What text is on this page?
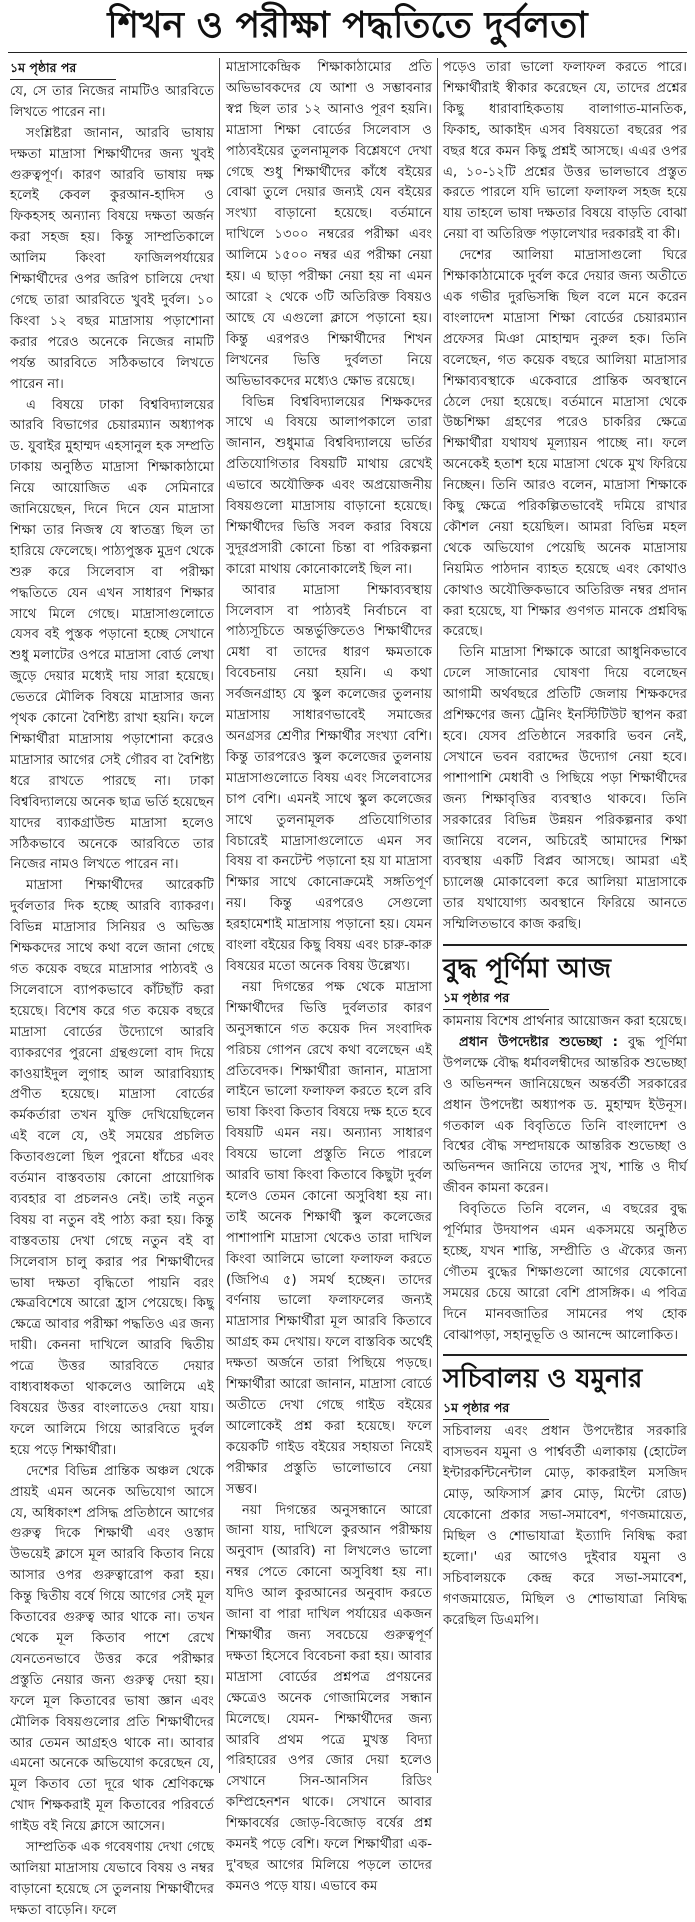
শিখন ও পরীক্ষা পদ্ধতিতে দুর্বলতা
১ম পৃষ্ঠার পর

যে, সে তার নিজের নামটিও আরবিতে লিখতে পারেন না।

সংশ্লিষ্টরা জানান, আরবি ভাষায় দক্ষতা মাদ্রাসা শিক্ষার্থীদের জন্য খুবই গুরুত্বপূর্ণ। কারণ আরবি ভাষায় দক্ষ হলেই কেবল কুরআন-হাদিস ও ফিকহসহ অন্যান্য বিষয়ে দক্ষতা অর্জন করা সহজ হয়। কিন্তু সাম্প্রতিকালে আলিম কিংবা ফাজিলপর্যায়ের শিক্ষার্থীদের ওপর জরিপ চালিয়ে দেখা গেছে তারা আরবিতে খুবই দুর্বল। ১০ কিংবা ১২ বছর মাদ্রাসায় পড়াশোনা করার পরেও অনেকে নিজের নামটি পর্যন্ত আরবিতে সঠিকভাবে লিখতে পারেন না।

এ বিষয়ে ঢাকা বিশ্ববিদ্যালয়ের আরবি বিভাগের চেয়ারম্যান অধ্যাপক ড. যুবাইর মুহাম্মদ এহসানুল হক সম্প্রতি ঢাকায় অনুষ্ঠিত মাদ্রাসা শিক্ষাকাঠামো নিয়ে আয়োজিত এক সেমিনারে জানিয়েছেন, দিনে দিনে যেন মাদ্রাসা শিক্ষা তার নিজস্ব যে স্বাতন্ত্র্য ছিল তা হারিয়ে ফেলেছে। পাঠ্যপুস্তক মুদ্রণ থেকে শুরু করে সিলেবাস বা পরীক্ষা পদ্ধতিতে যেন এখন সাধারণ শিক্ষার সাথে মিলে গেছে। মাদ্রাসাগুলোতে যেসব বই পুস্তক পড়ানো হচ্ছে সেখানে শুধু মলাটের ওপরে মাদ্রাসা বোর্ড লেখা জুড়ে দেয়ার মধ্যেই দায় সারা হয়েছে। ভেতরে মৌলিক বিষয়ে মাদ্রাসার জন্য পৃথক কোনো বৈশিষ্ট্য রাখা হয়নি। ফলে শিক্ষার্থীরা মাদ্রাসায় পড়াশোনা করেও মাদ্রাসার আগের সেই গৌরব বা বৈশিষ্ট্য ধরে রাখতে পারছে না। ঢাকা বিশ্ববিদ্যালয়ে অনেক ছাত্র ভর্তি হয়েছেন যাদের ব্যাকগ্রাউন্ড মাদ্রাসা হলেও সঠিকভাবে অনেকে আরবিতে তার নিজের নামও লিখতে পারেন না।

মাদ্রাসা শিক্ষার্থীদের আরেকটি দুর্বলতার দিক হচ্ছে আরবি ব্যাকরণ। বিভিন্ন মাদ্রাসার সিনিয়র ও অভিজ্ঞ শিক্ষকদের সাথে কথা বলে জানা গেছে গত কয়েক বছরে মাদ্রাসার পাঠ্যবই ও সিলেবাসে ব্যাপকভাবে কাঁটছাঁট করা হয়েছে। বিশেষ করে গত কয়েক বছরে মাদ্রাসা বোর্ডের উদ্যোগে আরবি ব্যাকরণের পুরনো গ্রন্থগুলো বাদ দিয়ে কাওয়াইদুল লুগাহ আল আরাবিয়্যাহ প্রণীত হয়েছে। মাদ্রাসা বোর্ডের কর্মকর্তারা তখন যুক্তি দেখিয়েছিলেন এই বলে যে, ওই সময়ের প্রচলিত কিতাবগুলো ছিল পুরনো ধাঁচের এবং বর্তমান বাস্তবতায় কোনো প্রায়োগিক ব্যবহার বা প্রচলনও নেই। তাই নতুন বিষয় বা নতুন বই পাঠ্য করা হয়। কিন্তু বাস্তবতায় দেখা গেছে নতুন বই বা সিলেবাস চালু করার পর শিক্ষার্থীদের ভাষা দক্ষতা বৃদ্ধিতো পায়নি বরং ক্ষেত্রবিশেষে আরো হ্রাস পেয়েছে। কিছু ক্ষেত্রে আবার পরীক্ষা পদ্ধতিও এর জন্য দায়ী। কেননা দাখিলে আরবি দ্বিতীয় পত্রে উত্তর আরবিতে দেয়ার বাধ্যবাধকতা থাকলেও আলিমে এই বিষয়ের উত্তর বাংলাতেও দেয়া যায়। ফলে আলিমে গিয়ে আরবিতে দুর্বল হয়ে পড়ে শিক্ষার্থীরা।

দেশের বিভিন্ন প্রান্তিক অঞ্চল থেকে প্রায়ই এমন অনেক অভিযোগ আসে যে, অধিকাংশ প্রসিদ্ধ প্রতিষ্ঠানে আগের গুরুত্ব দিকে শিক্ষার্থী এবং ওস্তাদ উভয়েই ক্লাসে মূল আরবি কিতাব নিয়ে আসার ওপর গুরুত্বারোপ করা হয়। কিন্তু দ্বিতীয় বর্ষে গিয়ে আগের সেই মূল কিতাবের গুরুত্ব আর থাকে না। তখন থেকে মূল কিতাব পাশে রেখে যেনতেনভাবে উত্তর করে পরীক্ষার প্রস্তুতি নেয়ার জন্য গুরুত্ব দেয়া হয়। ফলে মূল কিতাবের ভাষা জ্ঞান এবং মৌলিক বিষয়গুলোর প্রতি শিক্ষার্থীদের আর তেমন আগ্রহও থাকে না। আবার এমনো অনেকে অভিযোগ করেছেন যে, মূল কিতাব তো দূরে থাক শ্রেণিকক্ষে খোদ শিক্ষকরাই মূল কিতাবের পরিবর্তে গাইড বই নিয়ে ক্লাসে আসেন।

সাম্প্রতিক এক গবেষণায় দেখা গেছে আলিয়া মাদ্রাসায় যেভাবে বিষয় ও নম্বর বাড়ানো হয়েছে সে তুলনায় শিক্ষার্থীদের দক্ষতা বাড়েনি। ফলে

মাদ্রাসাকেন্দ্রিক শিক্ষাকাঠামোর প্রতি অভিভাবকদের যে আশা ও সম্ভাবনার স্বপ্ন ছিল তার ১২ আনাও পূরণ হয়নি। মাদ্রাসা শিক্ষা বোর্ডের সিলেবাস ও পাঠ্যবইয়ের তুলনামূলক বিশ্লেষণে দেখা গেছে শুধু শিক্ষার্থীদের কাঁধে বইয়ের বোঝা তুলে দেয়ার জন্যই যেন বইয়ের সংখ্যা বাড়ানো হয়েছে। বর্তমানে দাখিলে ১৩০০ নম্বরের পরীক্ষা এবং আলিমে ১৫০০ নম্বর এর পরীক্ষা নেয়া হয়। এ ছাড়া পরীক্ষা নেয়া হয় না এমন আরো ২ থেকে ৩টি অতিরিক্ত বিষয়ও আছে যে এগুলো ক্লাসে পড়ানো হয়। কিন্তু এরপরও শিক্ষার্থীদের শিখন লিখনের ভিত্তি দুর্বলতা নিয়ে অভিভাবকদের মধ্যেও ক্ষোভ রয়েছে।

বিভিন্ন বিশ্ববিদ্যালয়ের শিক্ষকদের সাথে এ বিষয়ে আলাপকালে তারা জানান, শুধুমাত্র বিশ্ববিদ্যালয়ে ভর্তির প্রতিযোগিতার বিষয়টি মাথায় রেখেই এভাবে অযৌক্তিক এবং অপ্রয়োজনীয় বিষয়গুলো মাদ্রাসায় বাড়ানো হয়েছে। শিক্ষার্থীদের ভিত্তি সবল করার বিষয়ে সুদূরপ্রসারী কোনো চিন্তা বা পরিকল্পনা কারো মাথায় কোনোকালেই ছিল না।

আবার মাদ্রাসা শিক্ষাব্যবস্থায় সিলেবাস বা পাঠ্যবই নির্বাচনে বা পাঠ্যসূচিতে অন্তর্ভুক্তিতেও শিক্ষার্থীদের মেধা বা তাদের ধারণ ক্ষমতাকে বিবেচনায় নেয়া হয়নি। এ কথা সর্বজনগ্রাহ্য যে স্কুল কলেজের তুলনায় মাদ্রাসায় সাধারণভাবেই সমাজের অনগ্রসর শ্রেণীর শিক্ষার্থীর সংখ্যা বেশি। কিন্তু তারপরেও স্কুল কলেজের তুলনায় মাদ্রাসাগুলোতে বিষয় এবং সিলেবাসের চাপ বেশি। এমনই সাথে স্কুল কলেজের সাথে তুলনামূলক প্রতিযোগিতার বিচারেই মাদ্রাসাগুলোতে এমন সব বিষয় বা কনটেন্ট পড়ানো হয় যা মাদ্রাসা শিক্ষার সাথে কোনোক্রমেই সঙ্গতিপূর্ণ নয়। কিন্তু এরপরেও সেগুলো হরহামেশাই মাদ্রাসায় পড়ানো হয়। যেমন বাংলা বইয়ের কিছু বিষয় এবং চারু-কারু বিষয়ের মতো অনেক বিষয় উল্লেখ্য।

নয়া দিগন্তের পক্ষ থেকে মাদ্রাসা শিক্ষার্থীদের ভিত্তি দুর্বলতার কারণ অনুসন্ধানে গত কয়েক দিন সংবাদিক পরিচয় গোপন রেখে কথা বলেছেন এই প্রতিবেদক। শিক্ষার্থীরা জানান, মাদ্রাসা লাইনে ভালো ফলাফল করতে হলে রবি ভাষা কিংবা কিতাব বিষয়ে দক্ষ হতে হবে বিষয়টি এমন নয়। অন্যান্য সাধারণ বিষয়ে ভালো প্রস্তুতি নিতে পারলে আরবি ভাষা কিংবা কিতাবে কিছুটা দুর্বল হলেও তেমন কোনো অসুবিধা হয় না। তাই অনেক শিক্ষার্থী স্কুল কলেজের পাশাপাশি মাদ্রাসা থেকেও তারা দাখিল কিংবা আলিমে ভালো ফলাফল করতে (জিপিএ ৫) সমর্থ হচ্ছেন। তাদের বর্ণনায় ভালো ফলাফলের জন্যই মাদ্রাসার শিক্ষার্থীরা মূল আরবি কিতাবে আগ্রহ কম দেখায়। ফলে বাস্তবিক অর্থেই দক্ষতা অর্জনে তারা পিছিয়ে পড়ছে। শিক্ষার্থীরা আরো জানান, মাদ্রাসা বোর্ডে অতীতে দেখা গেছে গাইড বইয়ের আলোকেই প্রশ্ন করা হয়েছে। ফলে কয়েকটি গাইড বইয়ের সহায়তা নিয়েই পরীক্ষার প্রস্তুতি ভালোভাবে নেয়া সম্ভব।

নয়া দিগন্তের অনুসন্ধানে আরো জানা যায়, দাখিলে কুরআন পরীক্ষায় অনুবাদ (আরবি) না লিখলেও ভালো নম্বর পেতে কোনো অসুবিধা হয় না। যদিও আল কুরআনের অনুবাদ করতে জানা বা পারা দাখিল পর্যায়ের একজন শিক্ষার্থীর জন্য সবচেয়ে গুরুত্বপূর্ণ দক্ষতা হিসেবে বিবেচনা করা হয়। আবার মাদ্রাসা বোর্ডের প্রশ্নপত্র প্রণয়নের ক্ষেত্রেও অনেক গোজামিলের সন্ধান মিলেছে। যেমন- শিক্ষার্থীদের জন্য আরবি প্রথম পত্রে মুখস্ত বিদ্যা পরিহারের ওপর জোর দেয়া হলেও সেখানে সিন-আনসিন রিডিং কম্প্রিহেনশন থাকে। সেখানে আবার শিক্ষাবর্ষের জোড়-বিজোড় বর্ষের প্রশ্ন কমনই পড়ে বেশি। ফলে শিক্ষার্থীরা এক-দু'বছর আগের মিলিয়ে পড়লে তাদের কমনও পড়ে যায়। এভাবে কম

পড়েও তারা ভালো ফলাফল করতে পারে। শিক্ষার্থীরাই স্বীকার করেছেন যে, তাদের প্রশ্নের কিছু ধারাবাহিকতায় বালাগাত-মানতিক, ফিকাহ, আকাইদ এসব বিষয়তো বছরের পর বছর ধরে কমন কিছু প্রশ্নই আসছে। এএর ওপর এ, ১০-১২টি প্রশ্নের উত্তর ভালভাবে প্রস্তুত করতে পারলে যদি ভালো ফলাফল সহজ হয়ে যায় তাহলে ভাষা দক্ষতার বিষয়ে বাড়তি বোঝা নেয়া বা অতিরিক্ত পড়ালেখার দরকারই বা কী।

দেশের আলিয়া মাদ্রাসাগুলো ঘিরে শিক্ষাকাঠামোকে দুর্বল করে দেয়ার জন্য অতীতে এক গভীর দুরভিসন্ধি ছিল বলে মনে করেন বাংলাদেশ মাদ্রাসা শিক্ষা বোর্ডের চেয়ারম্যান প্রফেসর মিঞা মোহাম্মদ নুরুল হক। তিনি বলেছেন, গত কয়েক বছরে আলিয়া মাদ্রাসার শিক্ষাব্যবস্থাকে একেবারে প্রান্তিক অবস্থানে ঠেলে দেয়া হয়েছে। বর্তমানে মাদ্রাসা থেকে উচ্চশিক্ষা গ্রহণের পরেও চাকরির ক্ষেত্রে শিক্ষার্থীরা যথাযথ মূল্যায়ন পাচ্ছে না। ফলে অনেকেই হতাশ হয়ে মাদ্রাসা থেকে মুখ ফিরিয়ে নিচ্ছেন। তিনি আরও বলেন, মাদ্রাসা শিক্ষাকে কিছু ক্ষেত্রে পরিকল্পিতভাবেই দমিয়ে রাখার কৌশল নেয়া হয়েছিল। আমরা বিভিন্ন মহল থেকে অভিযোগ পেয়েছি অনেক মাদ্রাসায় নিয়মিত পাঠদান ব্যাহত হয়েছে এবং কোথাও কোথাও অযৌক্তিকভাবে অতিরিক্ত নম্বর প্রদান করা হয়েছে, যা শিক্ষার গুণগত মানকে প্রশ্নবিদ্ধ করেছে।

তিনি মাদ্রাসা শিক্ষাকে আরো আধুনিকভাবে ঢেলে সাজানোর ঘোষণা দিয়ে বলেছেন আগামী অর্থবছরে প্রতিটি জেলায় শিক্ষকদের প্রশিক্ষণের জন্য ট্রেনিং ইনস্টিটিউট স্থাপন করা হবে। যেসব প্রতিষ্ঠানে সরকারি ভবন নেই, সেখানে ভবন বরাদ্দের উদ্যোগ নেয়া হবে। পাশাপাশি মেধাবী ও পিছিয়ে পড়া শিক্ষার্থীদের জন্য শিক্ষাবৃত্তির ব্যবস্থাও থাকবে। তিনি সরকারের বিভিন্ন উন্নয়ন পরিকল্পনার কথা জানিয়ে বলেন, অচিরেই আমাদের শিক্ষা ব্যবস্থায় একটি বিপ্লব আসছে। আমরা এই চ্যালেঞ্জ মোকাবেলা করে আলিয়া মাদ্রাসাকে তার যথাযোগ্য অবস্থানে ফিরিয়ে আনতে সম্মিলিতভাবে কাজ করছি।

বুদ্ধ পূর্ণিমা আজ
১ম পৃষ্ঠার পর

কামনায় বিশেষ প্রার্থনার আয়োজন করা হয়েছে।

প্রধান উপদেষ্টার শুভেচ্ছা : বুদ্ধ পূর্ণিমা উপলক্ষে বৌদ্ধ ধর্মাবলম্বীদের আন্তরিক শুভেচ্ছা ও অভিনন্দন জানিয়েছেন অন্তর্বর্তী সরকারের প্রধান উপদেষ্টা অধ্যাপক ড. মুহাম্মদ ইউনূস। গতকাল এক বিবৃতিতে তিনি বাংলাদেশ ও বিশ্বের বৌদ্ধ সম্প্রদায়কে আন্তরিক শুভেচ্ছা ও অভিনন্দন জানিয়ে তাদের সুখ, শান্তি ও দীর্ঘ জীবন কামনা করেন।

বিবৃতিতে তিনি বলেন, এ বছরের বুদ্ধ পূর্ণিমার উদযাপন এমন একসময়ে অনুষ্ঠিত হচ্ছে, যখন শান্তি, সম্প্রীতি ও ঐক্যের জন্য গৌতম বুদ্ধের শিক্ষাগুলো আগের যেকোনো সময়ের চেয়ে আরো বেশি প্রাসঙ্গিক। এ পবিত্র দিনে মানবজাতির সামনের পথ হোক বোঝাপড়া, সহানুভূতি ও আনন্দে আলোকিত।

সচিবালয় ও যমুনার
১ম পৃষ্ঠার পর

সচিবালয় এবং প্রধান উপদেষ্টার সরকারি বাসভবন যমুনা ও পার্শ্ববর্তী এলাকায় (হোটেল ইন্টারকন্টিনেন্টাল মোড়, কাকরাইল মসজিদ মোড়, অফিসার্স ক্লাব মোড়, মিন্টো রোড) যেকোনো প্রকার সভা-সমাবেশ, গণজমায়েত, মিছিল ও শোভাযাত্রা ইত্যাদি নিষিদ্ধ করা হলো।' এর আগেও দুইবার যমুনা ও সচিবালয়কে কেন্দ্র করে সভা-সমাবেশ, গণজমায়েত, মিছিল ও শোভাযাত্রা নিষিদ্ধ করেছিল ডিএমপি।
